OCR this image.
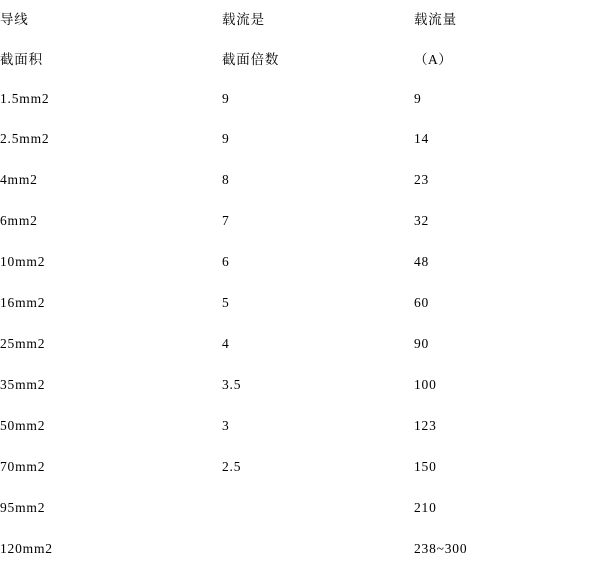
导线	载流是	载流量

截面积	截面倍数	（A）

1.5mm2	9	9

2.5mm2	9	14

4mm2	8	23

6mm2	7	32

10mm2	6	48

16mm2	5	60

25mm2	4	90

35mm2	3.5	100

50mm2	3	123

70mm2	2.5	150

95mm2		210

120mm2		238~300
